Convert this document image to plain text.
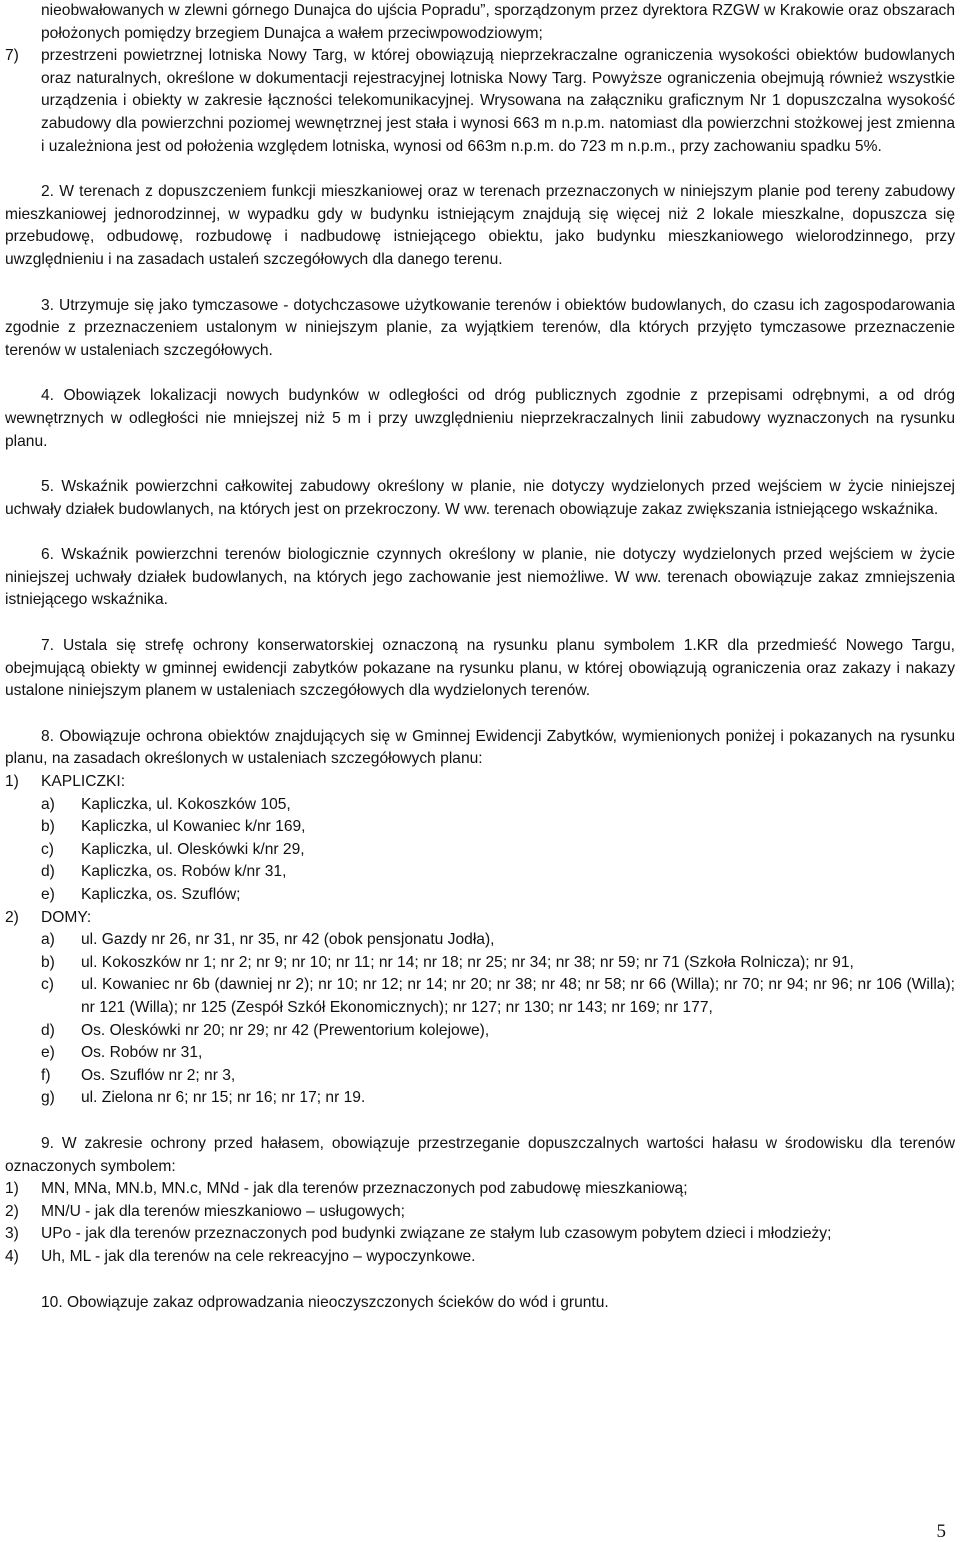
nieobwałowanych w zlewni górnego Dunajca do ujścia Popradu”, sporządzonym przez dyrektora RZGW w Krakowie oraz obszarach położonych pomiędzy brzegiem Dunajca a wałem przeciwpowodziowym;

7) przestrzeni powietrznej lotniska Nowy Targ, w której obowiązują nieprzekraczalne ograniczenia wysokości obiektów budowlanych oraz naturalnych, określone w dokumentacji rejestracyjnej lotniska Nowy Targ. Powyższe ograniczenia obejmują również wszystkie urządzenia i obiekty w zakresie łączności telekomunikacyjnej. Wrysowana na załączniku graficznym Nr 1 dopuszczalna wysokość zabudowy dla powierzchni poziomej wewnętrznej jest stała i wynosi 663 m n.p.m. natomiast dla powierzchni stożkowej jest zmienna i uzależniona jest od położenia względem lotniska, wynosi od 663m n.p.m. do 723 m n.p.m., przy zachowaniu spadku 5%.

2. W terenach z dopuszczeniem funkcji mieszkaniowej oraz w terenach przeznaczonych w niniejszym planie pod tereny zabudowy mieszkaniowej jednorodzinnej, w wypadku gdy w budynku istniejącym znajdują się więcej niż 2 lokale mieszkalne, dopuszcza się przebudowę, odbudowę, rozbudowę i nadbudowę istniejącego obiektu, jako budynku mieszkaniowego wielorodzinnego, przy uwzględnieniu i na zasadach ustaleń szczegółowych dla danego terenu.

3. Utrzymuje się jako tymczasowe - dotychczasowe użytkowanie terenów i obiektów budowlanych, do czasu ich zagospodarowania zgodnie z przeznaczeniem ustalonym w niniejszym planie, za wyjątkiem terenów, dla których przyjęto tymczasowe przeznaczenie terenów w ustaleniach szczegółowych.

4. Obowiązek lokalizacji nowych budynków w odległości od dróg publicznych zgodnie z przepisami odrębnymi, a od dróg wewnętrznych w odległości nie mniejszej niż 5 m i przy uwzględnieniu nieprzekraczalnych linii zabudowy wyznaczonych na rysunku planu.

5. Wskaźnik powierzchni całkowitej zabudowy określony w planie, nie dotyczy wydzielonych przed wejściem w życie niniejszej uchwały działek budowlanych, na których jest on przekroczony. W ww. terenach obowiązuje zakaz zwiększania istniejącego wskaźnika.

6. Wskaźnik powierzchni terenów biologicznie czynnych określony w planie, nie dotyczy wydzielonych przed wejściem w życie niniejszej uchwały działek budowlanych, na których jego zachowanie jest niemożliwe. W ww. terenach obowiązuje zakaz zmniejszenia istniejącego wskaźnika.

7. Ustala się strefę ochrony konserwatorskiej oznaczoną na rysunku planu symbolem 1.KR dla przedmieść Nowego Targu, obejmującą obiekty w gminnej ewidencji zabytków pokazane na rysunku planu, w której obowiązują ograniczenia oraz zakazy i nakazy ustalone niniejszym planem w ustaleniach szczegółowych dla wydzielonych terenów.

8. Obowiązuje ochrona obiektów znajdujących się w Gminnej Ewidencji Zabytków, wymienionych poniżej i pokazanych na rysunku planu, na zasadach określonych w ustaleniach szczegółowych planu:

1) KAPLICZKI:
a) Kapliczka, ul. Kokoszków 105,
b) Kapliczka, ul Kowaniec k/nr 169,
c) Kapliczka, ul. Oleskówki k/nr 29,
d) Kapliczka, os. Robów k/nr 31,
e) Kapliczka, os. Szuflów;
2) DOMY:
a) ul. Gazdy nr 26, nr 31, nr 35, nr 42 (obok pensjonatu Jodła),
b) ul. Kokoszków nr 1; nr 2; nr 9; nr 10; nr 11; nr 14; nr 18; nr 25; nr 34; nr 38; nr 59; nr 71 (Szkoła Rolnicza); nr 91,
c) ul. Kowaniec nr 6b (dawniej nr 2); nr 10; nr 12; nr 14; nr 20; nr 38; nr 48; nr 58; nr 66 (Willa); nr 70; nr 94; nr 96; nr 106 (Willa); nr 121 (Willa); nr 125 (Zespół Szkół Ekonomicznych); nr 127; nr 130; nr 143; nr 169; nr 177,
d) Os. Oleskówki nr 20; nr 29; nr 42 (Prewentorium kolejowe),
e) Os. Robów nr 31,
f) Os. Szuflów nr 2; nr 3,
g) ul. Zielona nr 6; nr 15; nr 16; nr 17; nr 19.

9. W zakresie ochrony przed hałasem, obowiązuje przestrzeganie dopuszczalnych wartości hałasu w środowisku dla terenów oznaczonych symbolem:

1) MN, MNa, MN.b, MN.c, MNd - jak dla terenów przeznaczonych pod zabudowę mieszkaniową;
2) MN/U - jak dla terenów mieszkaniowo – usługowych;
3) UPo - jak dla terenów przeznaczonych pod budynki związane ze stałym lub czasowym pobytem dzieci i młodzieży;
4) Uh, ML - jak dla terenów na cele rekreacyjno – wypoczynkowe.

10. Obowiązuje zakaz odprowadzania nieoczyszczonych ścieków do wód i gruntu.

5
